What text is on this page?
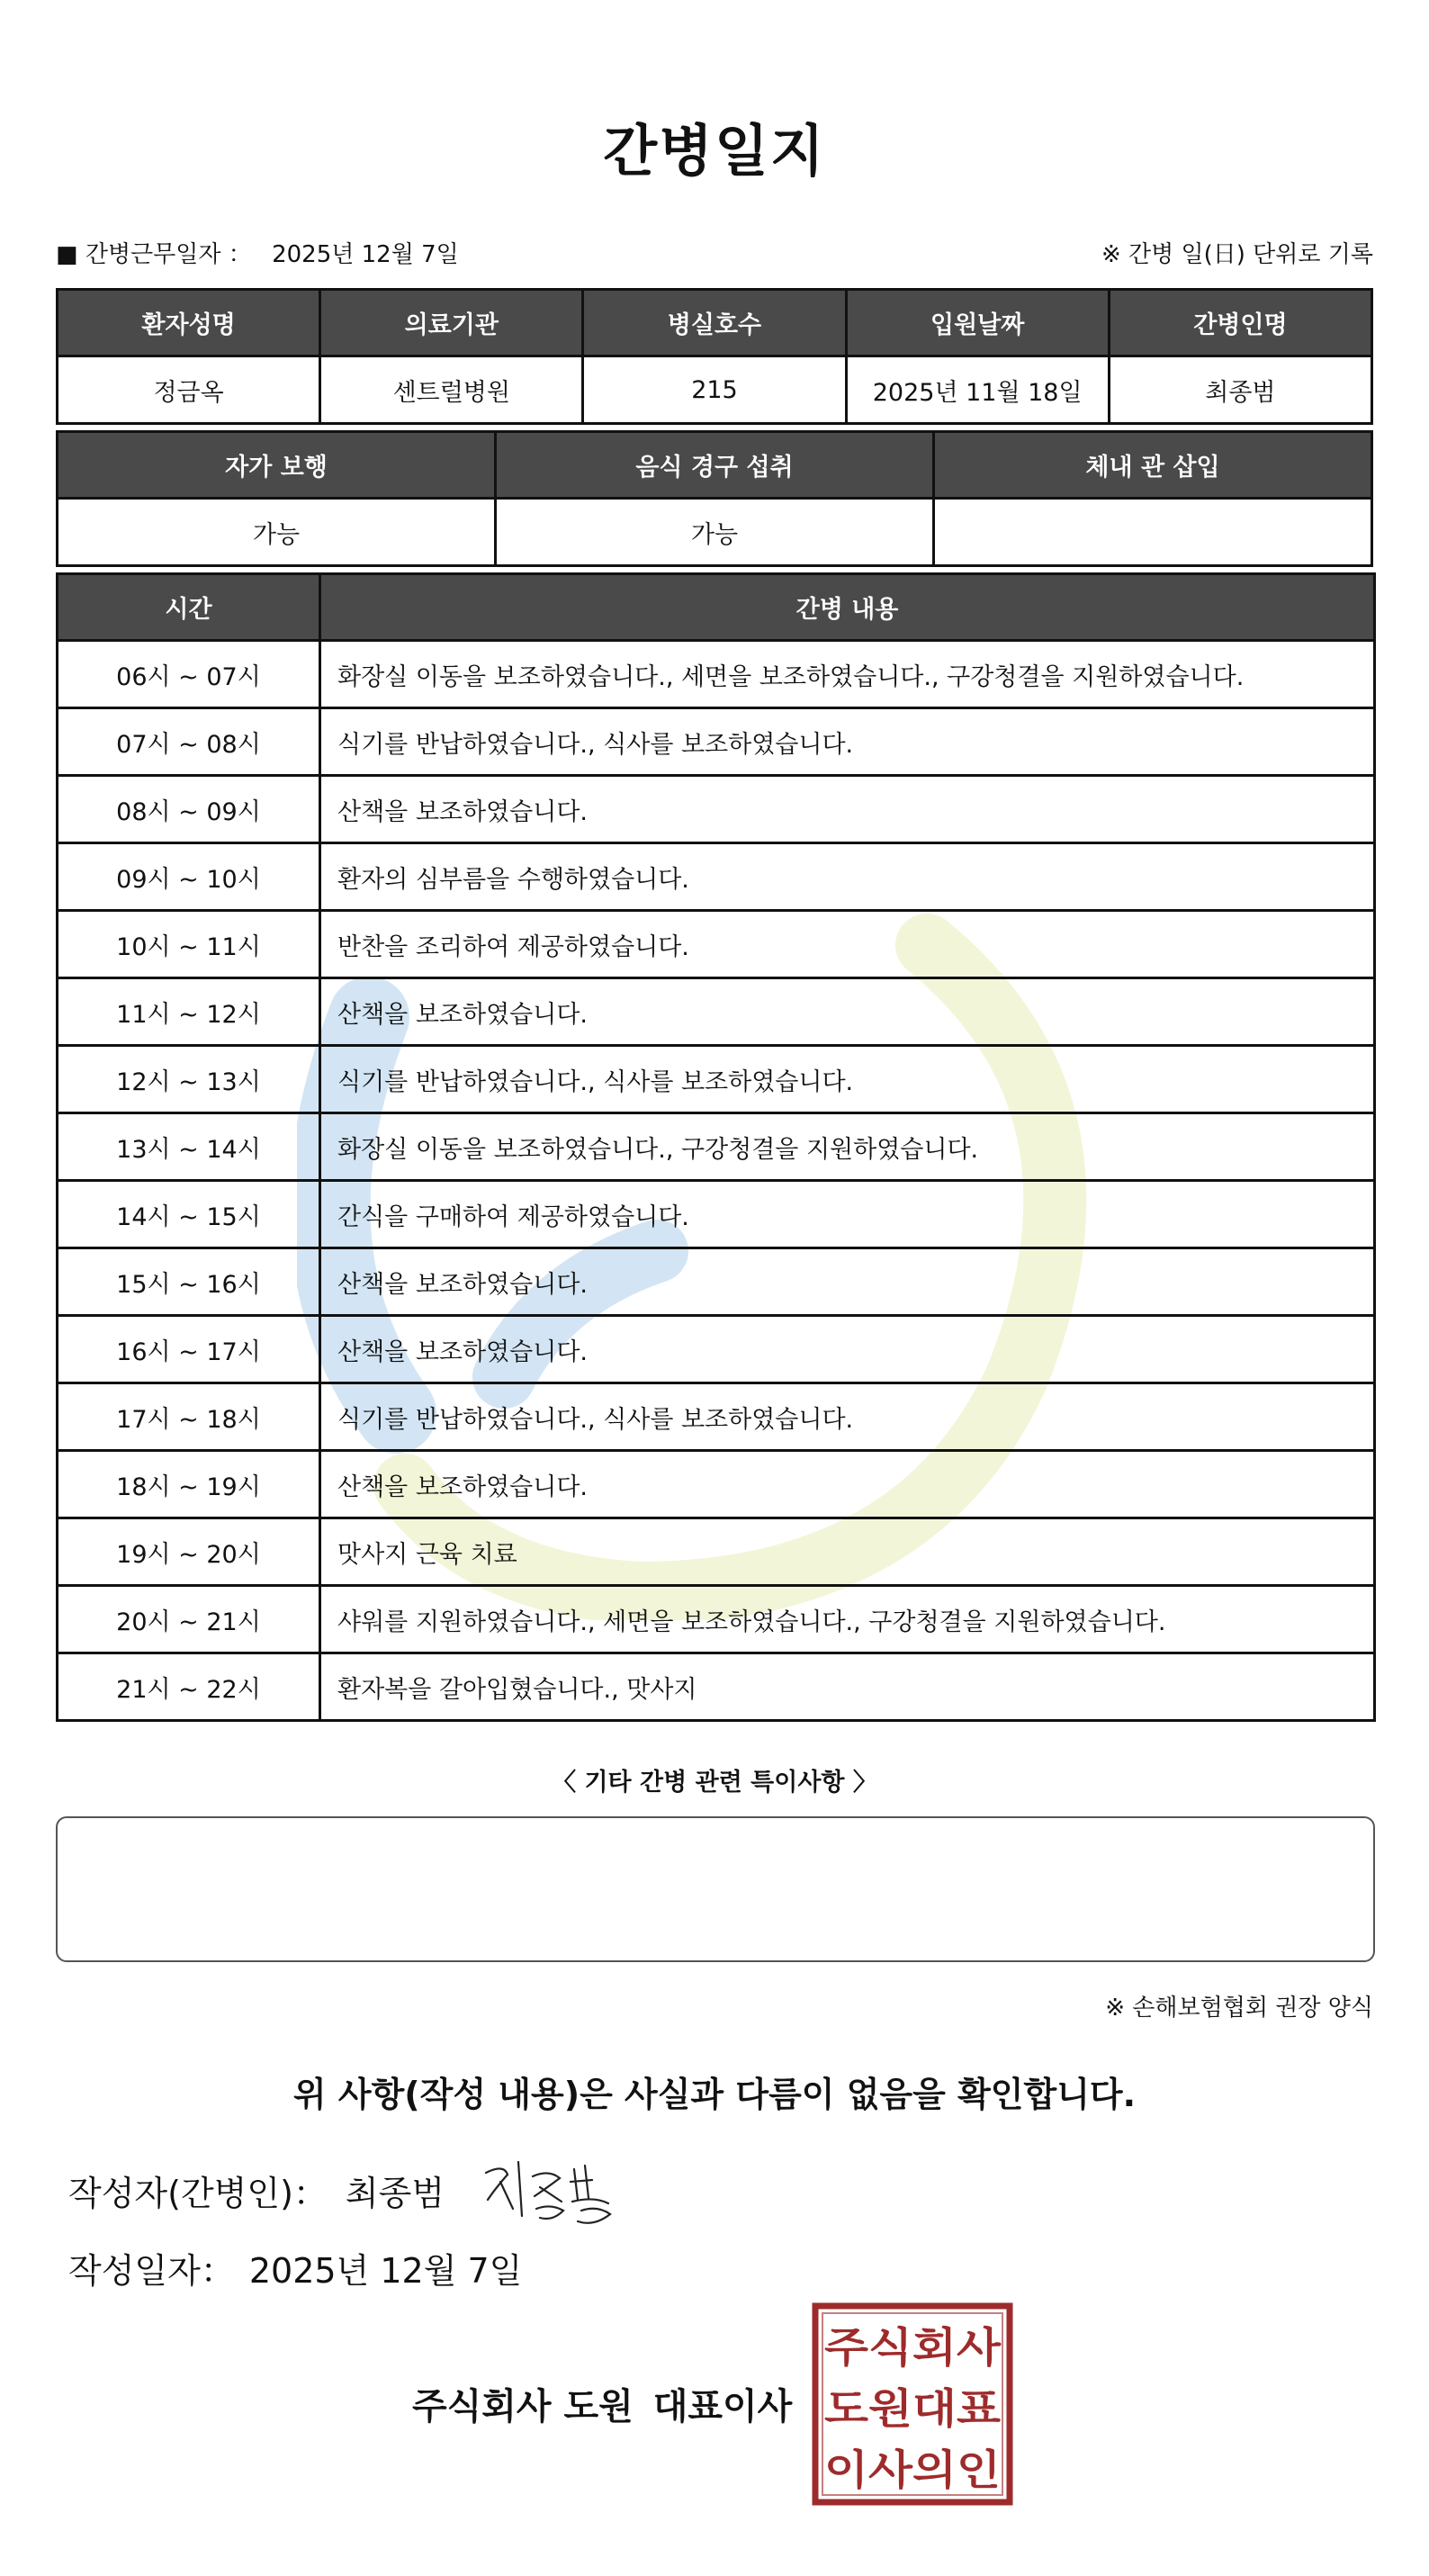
간병일지
■ 간병근무일자 ： 2025년 12월 7일	※ 간병 일(日) 단위로 기록
환자성명	의료기관	병실호수	입원날짜	간병인명
정금옥	센트럴병원	215	2025년 11월 18일	최종범
자가 보행	음식 경구 섭취	체내 관 삽입
가능	가능	
시간	간병 내용
06시 ~ 07시	화장실 이동을 보조하였습니다., 세면을 보조하였습니다., 구강청결을 지원하였습니다.
07시 ~ 08시	식기를 반납하였습니다., 식사를 보조하였습니다.
08시 ~ 09시	산책을 보조하였습니다.
09시 ~ 10시	환자의 심부름을 수행하였습니다.
10시 ~ 11시	반찬을 조리하여 제공하였습니다.
11시 ~ 12시	산책을 보조하였습니다.
12시 ~ 13시	식기를 반납하였습니다., 식사를 보조하였습니다.
13시 ~ 14시	화장실 이동을 보조하였습니다., 구강청결을 지원하였습니다.
14시 ~ 15시	간식을 구매하여 제공하였습니다.
15시 ~ 16시	산책을 보조하였습니다.
16시 ~ 17시	산책을 보조하였습니다.
17시 ~ 18시	식기를 반납하였습니다., 식사를 보조하였습니다.
18시 ~ 19시	산책을 보조하였습니다.
19시 ~ 20시	맛사지 근육 치료
20시 ~ 21시	샤워를 지원하였습니다., 세면을 보조하였습니다., 구강청결을 지원하였습니다.
21시 ~ 22시	환자복을 갈아입혔습니다., 맛사지
〈 기타 간병 관련 특이사항 〉
※ 손해보험협회 권장 양식
위 사항(작성 내용)은 사실과 다름이 없음을 확인합니다.
작성자(간병인)： 최종범
작성일자： 2025년 12월 7일
주식회사 도원 대표이사
주식회사
도원대표
이사의인
